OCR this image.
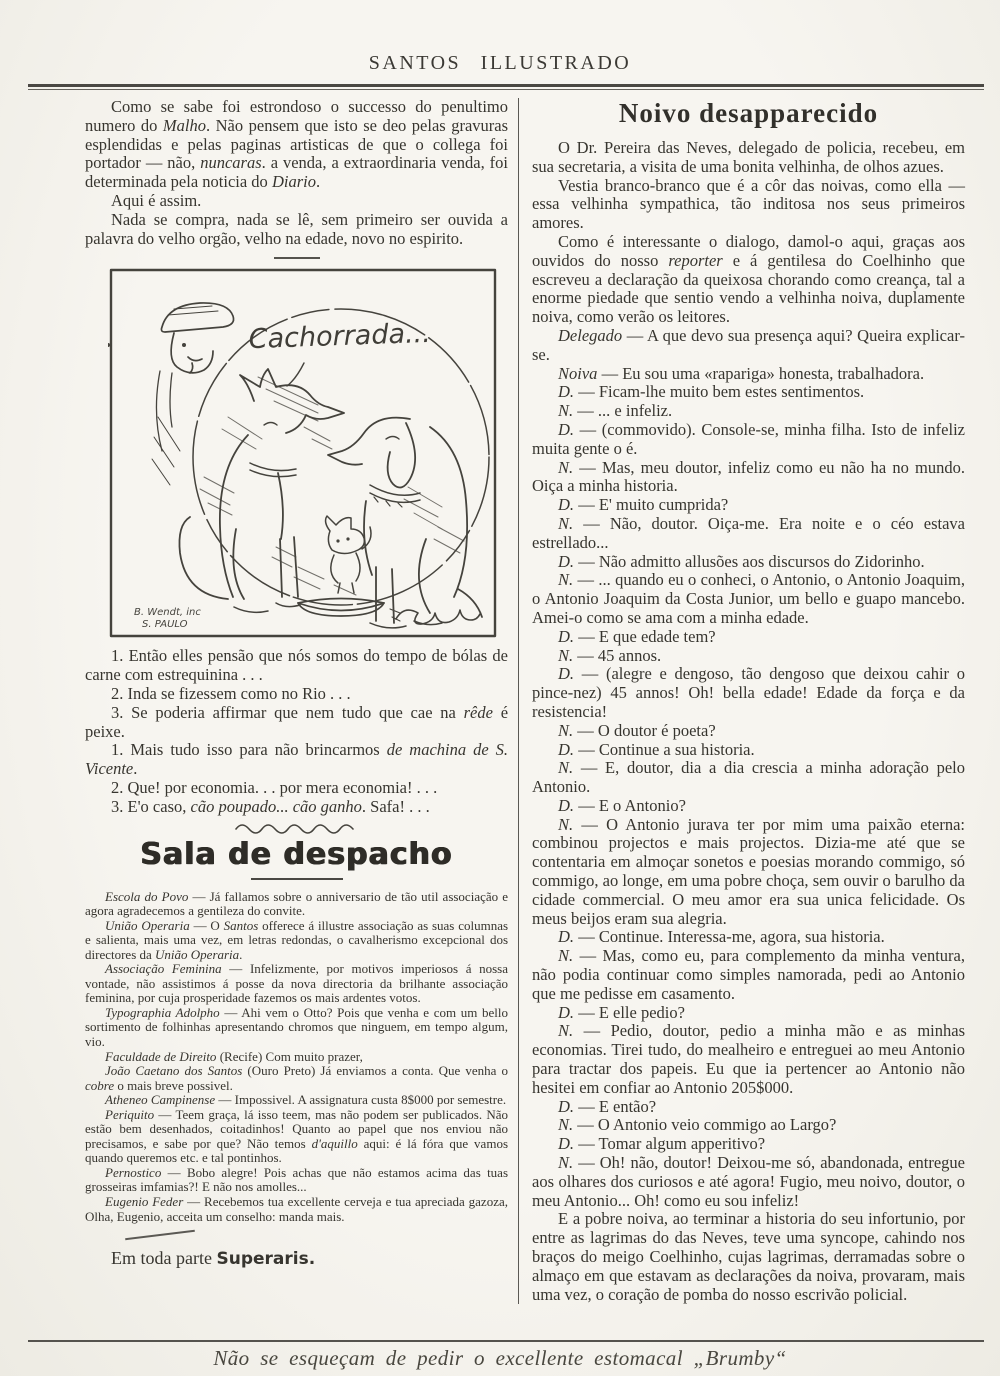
SANTOS ILLUSTRADO

Como se sabe foi estrondoso o successo do penultimo numero do Malho. Não pensem que isto se deo pelas gravuras esplendidas e pelas paginas artisticas de que o collega foi portador — não, nuncaras. a venda, a extraordinaria venda, foi determinada pela noticia do Diario.

Aqui é assim.

Nada se compra, nada se lê, sem primeiro ser ouvida a palavra do velho orgão, velho na edade, novo no espirito.

Cachorrada...
B. Wendt, inc
S. PAULO

1. Então elles pensão que nós somos do tempo de bólas de carne com estrequinina . . .

2. Inda se fizessem como no Rio . . .

3. Se poderia affirmar que nem tudo que cae na rêde é peixe.

1. Mais tudo isso para não brincarmos de machina de S. Vicente.

2. Que! por economia. . . por mera economia! . . .

3. E'o caso, cão poupado... cão ganho. Safa! . . .

Sala de despacho

Escola do Povo — Já fallamos sobre o anniversario de tão util associação e agora agradecemos a gentileza do convite.

União Operaria — O Santos offerece á illustre associação as suas columnas e salienta, mais uma vez, em letras redondas, o cavalherismo excepcional dos directores da União Operaria.

Associação Feminina — Infelizmente, por motivos imperiosos á nossa vontade, não assistimos á posse da nova directoria da brilhante associação feminina, por cuja prosperidade fazemos os mais ardentes votos.

Typographia Adolpho — Ahi vem o Otto? Pois que venha e com um bello sortimento de folhinhas apresentando chromos que ninguem, em tempo algum, vio.

Faculdade de Direito (Recife) Com muito prazer,

João Caetano dos Santos (Ouro Preto) Já enviamos a conta. Que venha o cobre o mais breve possivel.

Atheneo Campinense — Impossivel. A assignatura custa 8$000 por semestre.

Periquito — Teem graça, lá isso teem, mas não podem ser publicados. Não estão bem desenhados, coitadinhos! Quanto ao papel que nos enviou não precisamos, e sabe por que? Não temos d'aquillo aqui: é lá fóra que vamos quando queremos etc. e tal pontinhos.

Pernostico — Bobo alegre! Pois achas que não estamos acima das tuas grosseiras imfamias?! E não nos amolles...

Eugenio Feder — Recebemos tua excellente cerveja e tua apreciada gazoza, Olha, Eugenio, acceita um conselho: manda mais.

Em toda parte Superaris.

Noivo desapparecido

O Dr. Pereira das Neves, delegado de policia, recebeu, em sua secretaria, a visita de uma bonita velhinha, de olhos azues.

Vestia branco-branco que é a côr das noivas, como ella — essa velhinha sympathica, tão inditosa nos seus primeiros amores.

Como é interessante o dialogo, damol-o aqui, graças aos ouvidos do nosso reporter e á gentilesa do Coelhinho que escreveu a declaração da queixosa chorando como creança, tal a enorme piedade que sentio vendo a velhinha noiva, duplamente noiva, como verão os leitores.

Delegado — A que devo sua presença aqui? Queira explicar-se.

Noiva — Eu sou uma «rapariga» honesta, trabalhadora.

D. — Ficam-lhe muito bem estes sentimentos.

N. — ... e infeliz.

D. — (commovido). Console-se, minha filha. Isto de infeliz muita gente o é.

N. — Mas, meu doutor, infeliz como eu não ha no mundo. Oiça a minha historia.

D. — E' muito cumprida?

N. — Não, doutor. Oiça-me. Era noite e o céo estava estrellado...

D. — Não admitto allusões aos discursos do Zidorinho.

N. — ... quando eu o conheci, o Antonio, o Antonio Joaquim, o Antonio Joaquim da Costa Junior, um bello e guapo mancebo. Amei-o como se ama com a minha edade.

D. — E que edade tem?

N. — 45 annos.

D. — (alegre e dengoso, tão dengoso que deixou cahir o pince-nez) 45 annos! Oh! bella edade! Edade da força e da resistencia!

N. — O doutor é poeta?

D. — Continue a sua historia.

N. — E, doutor, dia a dia crescia a minha adoração pelo Antonio.

D. — E o Antonio?

N. — O Antonio jurava ter por mim uma paixão eterna: combinou projectos e mais projectos. Dizia-me até que se contentaria em almoçar sonetos e poesias morando commigo, só commigo, ao longe, em uma pobre choça, sem ouvir o barulho da cidade commercial. O meu amor era sua unica felicidade. Os meus beijos eram sua alegria.

D. — Continue. Interessa-me, agora, sua historia.

N. — Mas, como eu, para complemento da minha ventura, não podia continuar como simples namorada, pedi ao Antonio que me pedisse em casamento.

D. — E elle pedio?

N. — Pedio, doutor, pedio a minha mão e as minhas economias. Tirei tudo, do mealheiro e entreguei ao meu Antonio para tractar dos papeis. Eu que ia pertencer ao Antonio não hesitei em confiar ao Antonio 205$000.

D. — E então?

N. — O Antonio veio commigo ao Largo?

D. — Tomar algum apperitivo?

N. — Oh! não, doutor! Deixou-me só, abandonada, entregue aos olhares dos curiosos e até agora! Fugio, meu noivo, doutor, o meu Antonio... Oh! como eu sou infeliz!

E a pobre noiva, ao terminar a historia do seu infortunio, por entre as lagrimas do das Neves, teve uma syncope, cahindo nos braços do meigo Coelhinho, cujas lagrimas, derramadas sobre o almaço em que estavam as declarações da noiva, provaram, mais uma vez, o coração de pomba do nosso escrivão policial.

Não se esqueçam de pedir o excellente estomacal „Brumby“
